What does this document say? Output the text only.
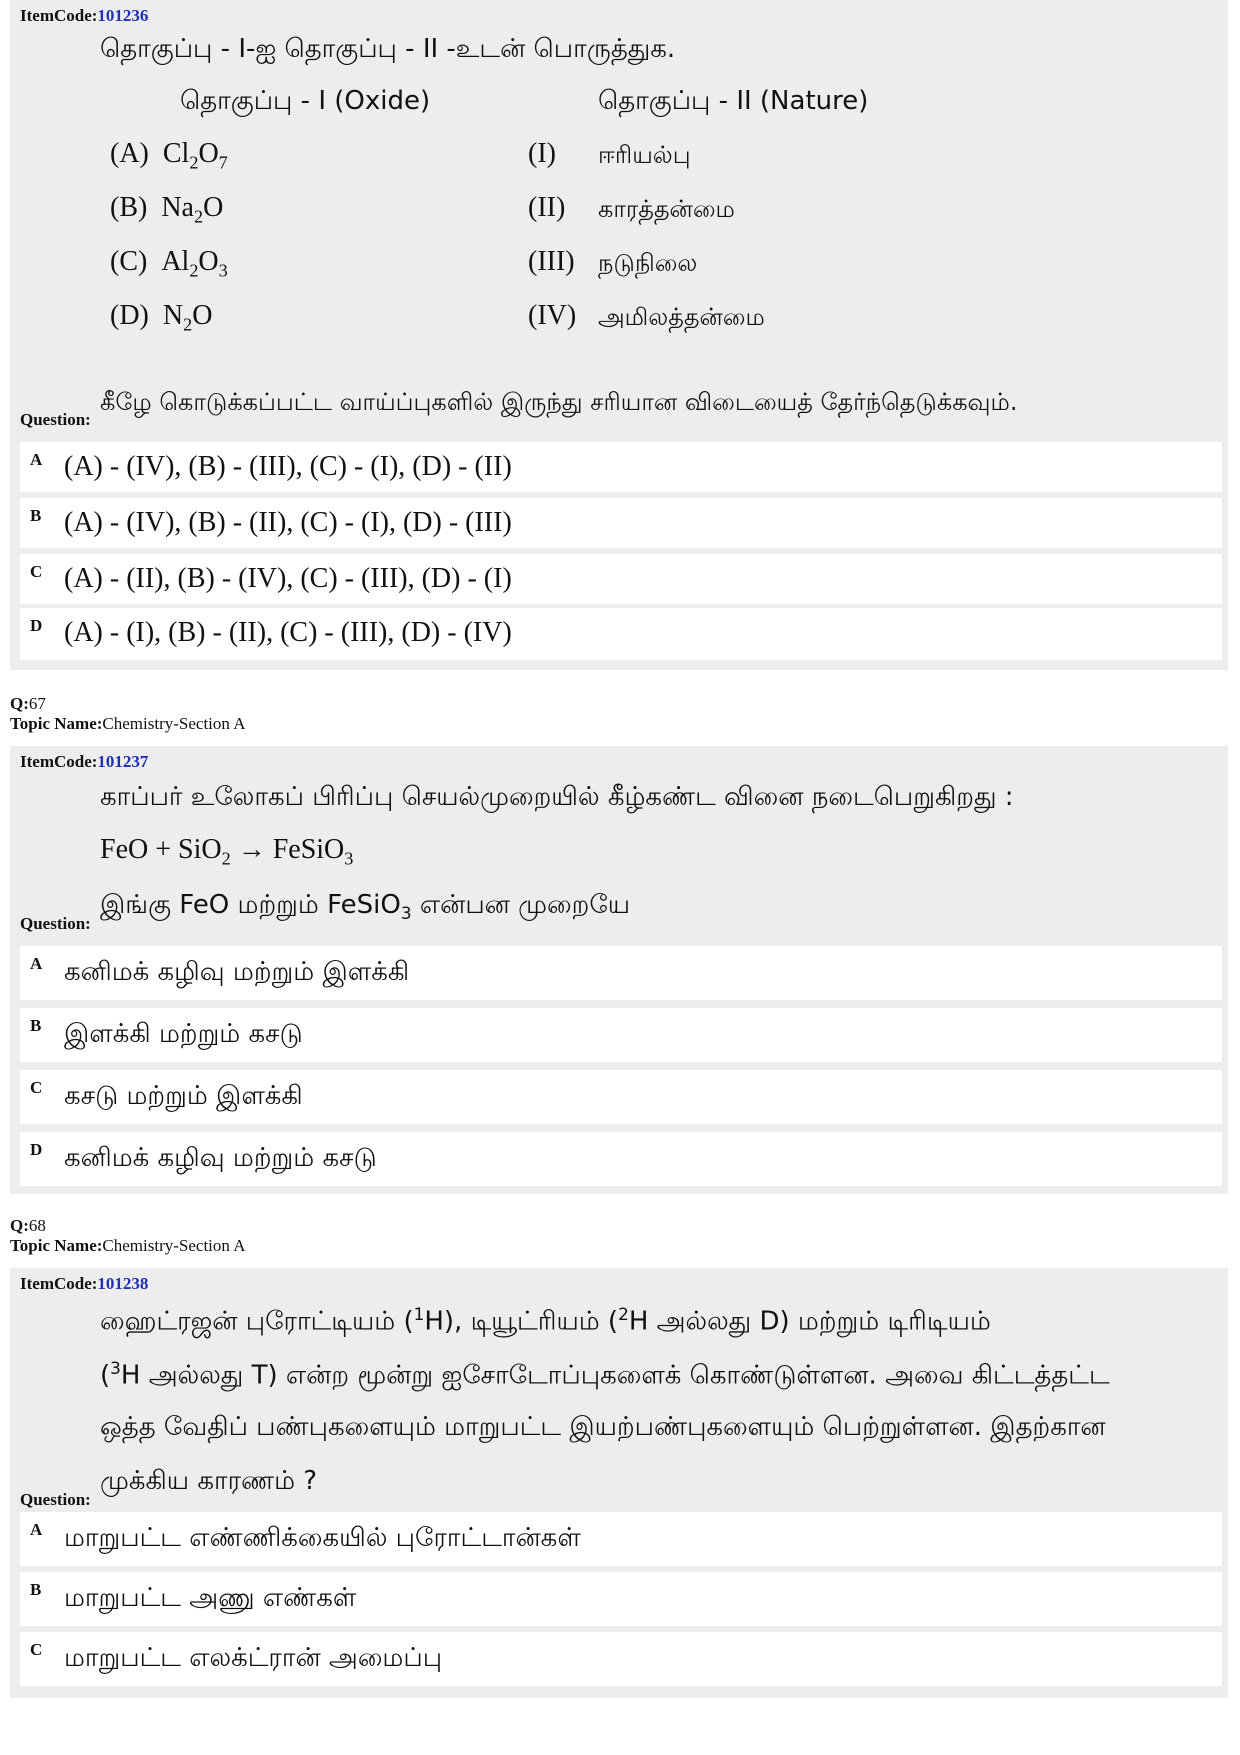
ItemCode:101236
தொகுப்பு - I-ஐ தொகுப்பு - II -உடன் பொருத்துக.
தொகுப்பு - I (Oxide)	தொகுப்பு - II (Nature)
(A) $Cl_2O_7$	(I) ஈரியல்பு
(B) $Na_2O$	(II) காரத்தன்மை
(C) $Al_2O_3$	(III) நடுநிலை
(D) $N_2O$	(IV) அமிலத்தன்மை
Question:
கீழே கொடுக்கப்பட்ட வாய்ப்புகளில் இருந்து சரியான விடையைத் தேர்ந்தெடுக்கவும்.
A (A) - (IV), (B) - (III), (C) - (I), (D) - (II)
B (A) - (IV), (B) - (II), (C) - (I), (D) - (III)
C (A) - (II), (B) - (IV), (C) - (III), (D) - (I)
D (A) - (I), (B) - (II), (C) - (III), (D) - (IV)
Q:67
Topic Name:Chemistry-Section A
ItemCode:101237
காப்பர் உலோகப் பிரிப்பு செயல்முறையில் கீழ்கண்ட வினை நடைபெறுகிறது :
FeO + SiO$_2$ → FeSiO$_3$
Question:
இங்கு FeO மற்றும் FeSiO$_3$ என்பன முறையே
A கனிமக் கழிவு மற்றும் இளக்கி
B இளக்கி மற்றும் கசடு
C கசடு மற்றும் இளக்கி
D கனிமக் கழிவு மற்றும் கசடு
Q:68
Topic Name:Chemistry-Section A
ItemCode:101238
ஹைட்ரஜன் புரோட்டியம் ($^1$H), டியூட்ரியம் ($^2$H அல்லது D) மற்றும் டிரிடியம்
($^3$H அல்லது T) என்ற மூன்று ஐசோடோப்புகளைக் கொண்டுள்ளன. அவை கிட்டத்தட்ட
ஒத்த வேதிப் பண்புகளையும் மாறுபட்ட இயற்பண்புகளையும் பெற்றுள்ளன. இதற்கான
Question:
முக்கிய காரணம் ?
A மாறுபட்ட எண்ணிக்கையில் புரோட்டான்கள்
B மாறுபட்ட அணு எண்கள்
C மாறுபட்ட எலக்ட்ரான் அமைப்பு
